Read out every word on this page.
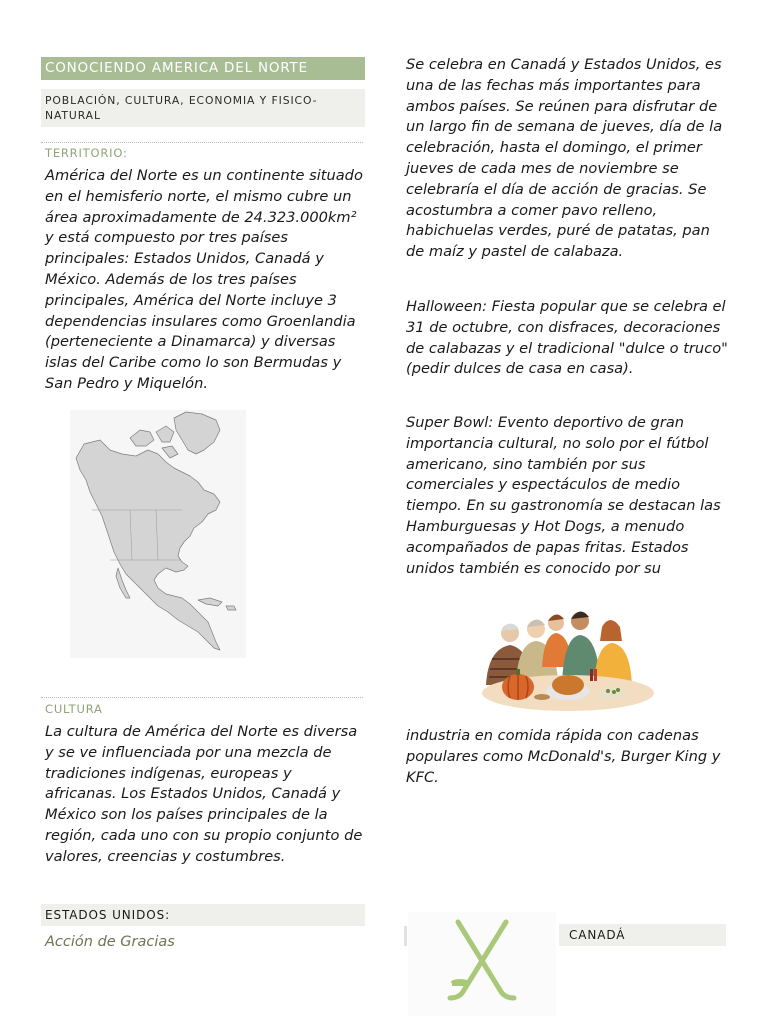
CONOCIENDO AMERICA DEL NORTE
POBLACIÓN, CULTURA, ECONOMIA Y FISICO-NATURAL
TERRITORIO:

América del Norte es un continente situado en el hemisferio norte, el mismo cubre un área aproximadamente de 24.323.000km² y está compuesto por tres países principales: Estados Unidos, Canadá y México. Además de los tres países principales, América del Norte incluye 3 dependencias insulares como Groenlandia (perteneciente a Dinamarca) y diversas islas del Caribe como lo son Bermudas y San Pedro y Miquelón.

CULTURA

La cultura de América del Norte es diversa y se ve influenciada por una mezcla de tradiciones indígenas, europeas y africanas. Los Estados Unidos, Canadá y México son los países principales de la región, cada uno con su propio conjunto de valores, creencias y costumbres.

ESTADOS UNIDOS:
Acción de Gracias

Se celebra en Canadá y Estados Unidos, es una de las fechas más importantes para ambos países. Se reúnen para disfrutar de un largo fin de semana de jueves, día de la celebración, hasta el domingo, el primer jueves de cada mes de noviembre se celebraría el día de acción de gracias. Se acostumbra a comer pavo relleno, habichuelas verdes, puré de patatas, pan de maíz y pastel de calabaza.

Halloween: Fiesta popular que se celebra el 31 de octubre, con disfraces, decoraciones de calabazas y el tradicional "dulce o truco" (pedir dulces de casa en casa).

Super Bowl: Evento deportivo de gran importancia cultural, no solo por el fútbol americano, sino también por sus comerciales y espectáculos de medio tiempo. En su gastronomía se destacan las Hamburguesas y Hot Dogs, a menudo acompañados de papas fritas. Estados unidos también es conocido por su

industria en comida rápida con cadenas populares como McDonald's, Burger King y KFC.

CANADÁ
